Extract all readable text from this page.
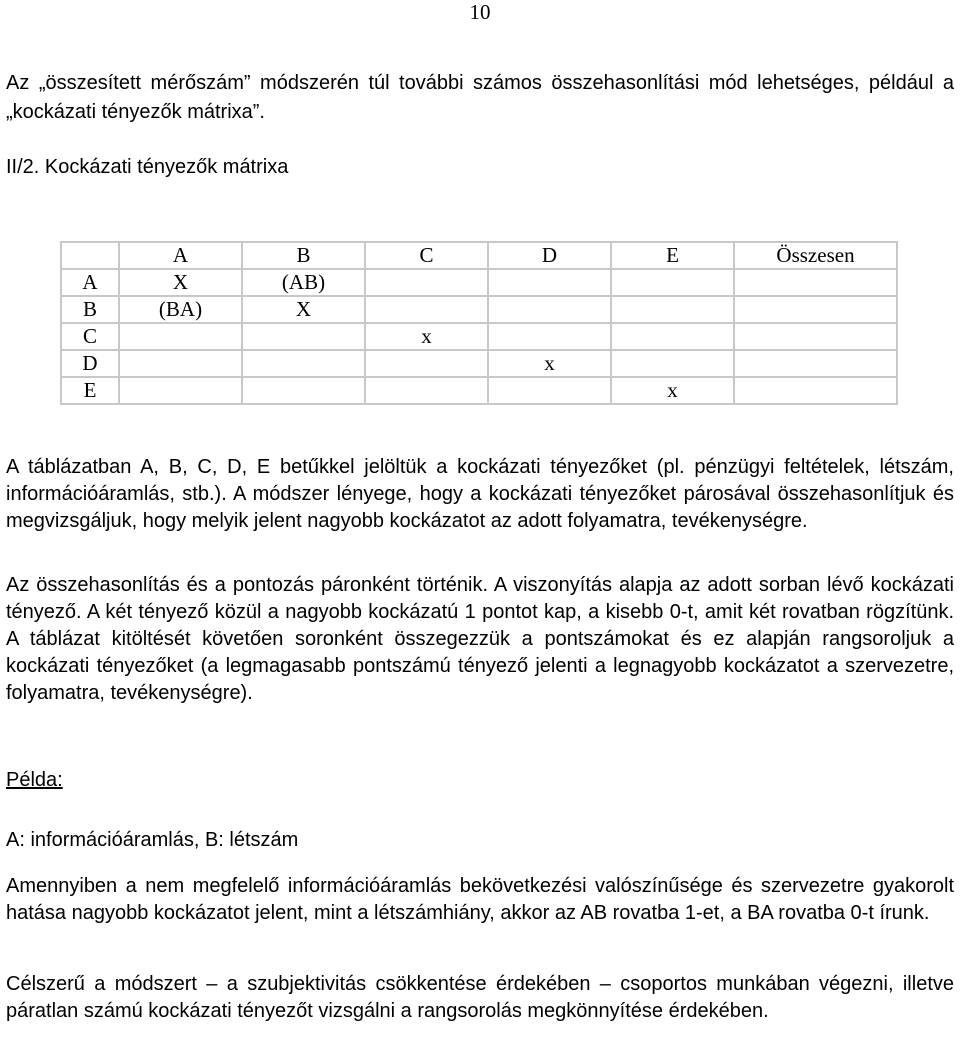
10

Az „összesített mérőszám” módszerén túl további számos összehasonlítási mód lehetséges, például a „kockázati tényezők mátrixa”.

II/2. Kockázati tényezők mátrixa

	A	B	C	D	E	Összesen
A	X	(AB)				
B	(BA)	X				
C			x			
D				x		
E					x	

A táblázatban A, B, C, D, E betűkkel jelöltük a kockázati tényezőket (pl. pénzügyi feltételek, létszám, információáramlás, stb.). A módszer lényege, hogy a kockázati tényezőket párosával összehasonlítjuk és megvizsgáljuk, hogy melyik jelent nagyobb kockázatot az adott folyamatra, tevékenységre.

Az összehasonlítás és a pontozás páronként történik. A viszonyítás alapja az adott sorban lévő kockázati tényező. A két tényező közül a nagyobb kockázatú 1 pontot kap, a kisebb 0-t, amit két rovatban rögzítünk. A táblázat kitöltését követően soronként összegezzük a pontszámokat és ez alapján rangsoroljuk a kockázati tényezőket (a legmagasabb pontszámú tényező jelenti a legnagyobb kockázatot a szervezetre, folyamatra, tevékenységre).

Példa:

A: információáramlás, B: létszám

Amennyiben a nem megfelelő információáramlás bekövetkezési valószínűsége és szervezetre gyakorolt hatása nagyobb kockázatot jelent, mint a létszámhiány, akkor az AB rovatba 1-et, a BA rovatba 0-t írunk.

Célszerű a módszert – a szubjektivitás csökkentése érdekében – csoportos munkában végezni, illetve páratlan számú kockázati tényezőt vizsgálni a rangsorolás megkönnyítése érdekében.
